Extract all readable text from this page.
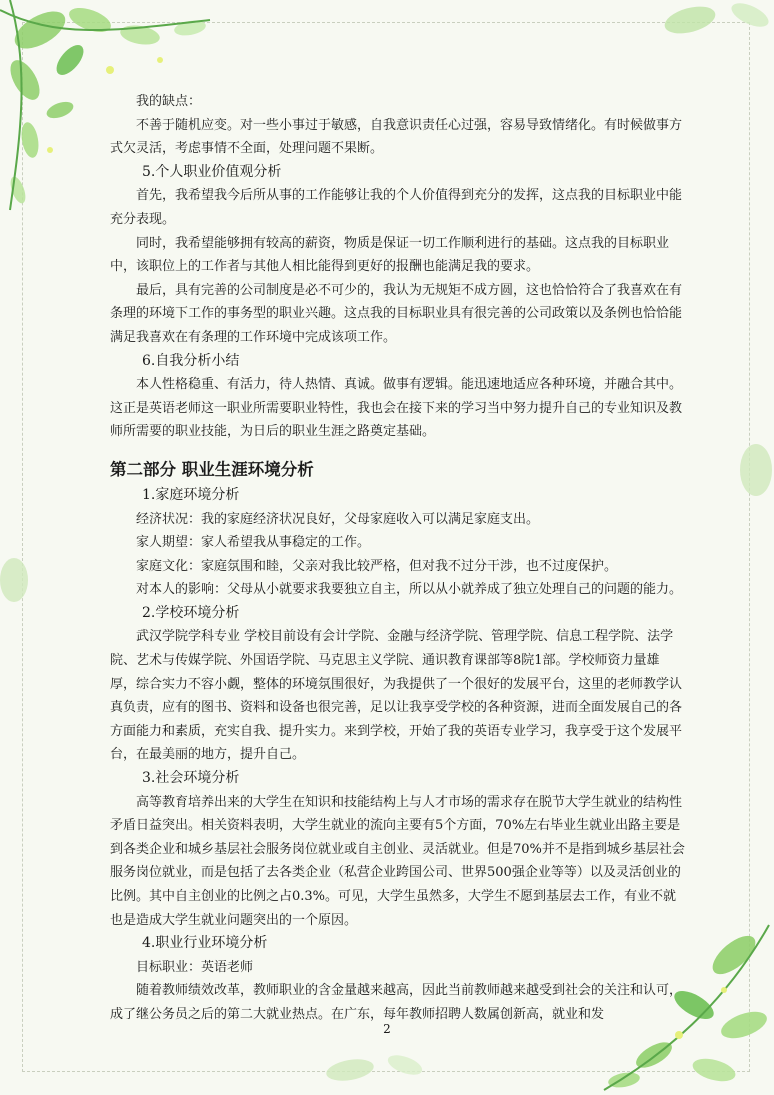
我的缺点：

不善于随机应变。对一些小事过于敏感，自我意识责任心过强，容易导致情绪化。有时候做事方式欠灵活，考虑事情不全面，处理问题不果断。

5.个人职业价值观分析

首先，我希望我今后所从事的工作能够让我的个人价值得到充分的发挥，这点我的目标职业中能充分表现。

同时，我希望能够拥有较高的薪资，物质是保证一切工作顺利进行的基础。这点我的目标职业中，该职位上的工作者与其他人相比能得到更好的报酬也能满足我的要求。

最后，具有完善的公司制度是必不可少的，我认为无规矩不成方圆，这也恰恰符合了我喜欢在有条理的环境下工作的事务型的职业兴趣。这点我的目标职业具有很完善的公司政策以及条例也恰恰能满足我喜欢在有条理的工作环境中完成该项工作。

6.自我分析小结

本人性格稳重、有活力，待人热情、真诚。做事有逻辑。能迅速地适应各种环境，并融合其中。这正是英语老师这一职业所需要职业特性，我也会在接下来的学习当中努力提升自己的专业知识及教师所需要的职业技能，为日后的职业生涯之路奠定基础。

第二部分 职业生涯环境分析

1.家庭环境分析

经济状况：我的家庭经济状况良好，父母家庭收入可以满足家庭支出。

家人期望：家人希望我从事稳定的工作。

家庭文化：家庭氛围和睦，父亲对我比较严格，但对我不过分干涉，也不过度保护。

对本人的影响：父母从小就要求我要独立自主，所以从小就养成了独立处理自己的问题的能力。

2.学校环境分析

武汉学院学科专业 学校目前设有会计学院、金融与经济学院、管理学院、信息工程学院、法学院、艺术与传媒学院、外国语学院、马克思主义学院、通识教育课部等8院1部。学校师资力量雄厚，综合实力不容小觑，整体的环境氛围很好，为我提供了一个很好的发展平台，这里的老师教学认真负责，应有的图书、资料和设备也很完善，足以让我享受学校的各种资源，进而全面发展自己的各方面能力和素质，充实自我、提升实力。来到学校，开始了我的英语专业学习，我享受于这个发展平台，在最美丽的地方，提升自己。

3.社会环境分析

高等教育培养出来的大学生在知识和技能结构上与人才市场的需求存在脱节大学生就业的结构性矛盾日益突出。相关资料表明，大学生就业的流向主要有5个方面，70%左右毕业生就业出路主要是到各类企业和城乡基层社会服务岗位就业或自主创业、灵活就业。但是70%并不是指到城乡基层社会服务岗位就业，而是包括了去各类企业（私营企业跨国公司、世界500强企业等等）以及灵活创业的比例。其中自主创业的比例之占0.3%。可见，大学生虽然多，大学生不愿到基层去工作，有业不就也是造成大学生就业问题突出的一个原因。

4.职业行业环境分析

目标职业：英语老师

随着教师绩效改革，教师职业的含金量越来越高，因此当前教师越来越受到社会的关注和认可，成了继公务员之后的第二大就业热点。在广东，每年教师招聘人数属创新高，就业和发

2
